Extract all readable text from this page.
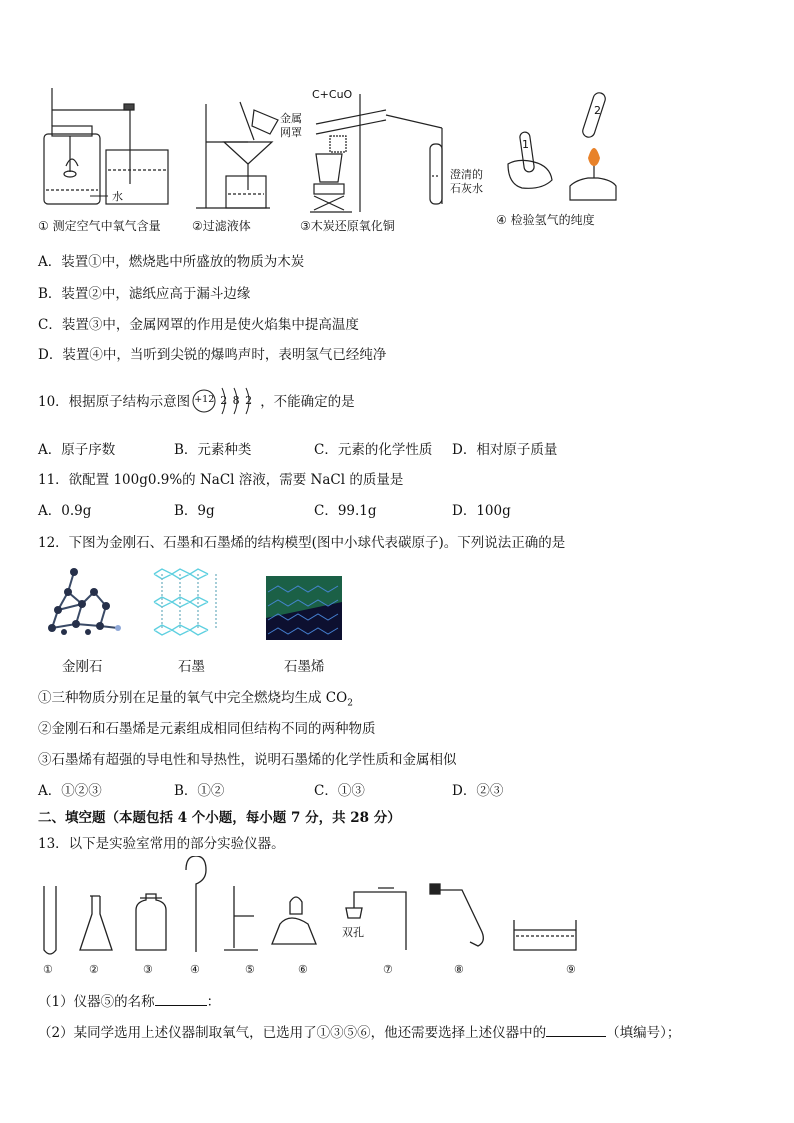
水
C+CuO
金属
网罩
澄清的
石灰水
1
2
① 测定空气中氧气含量	②过滤液体	③木炭还原氧化铜	④ 检验氢气的纯度
A．装置①中，燃烧匙中所盛放的物质为木炭
B．装置②中，滤纸应高于漏斗边缘
C．装置③中，金属网罩的作用是使火焰集中提高温度
D．装置④中，当听到尖锐的爆鸣声时，表明氢气已经纯净
10．根据原子结构示意图 +12 2 8 2 ，不能确定的是
A．原子序数	B．元素种类	C．元素的化学性质 D．相对原子质量
11．欲配置 100g0.9%的 NaCl 溶液，需要 NaCl 的质量是
A．0.9g	B．9g	C．99.1g	D．100g
12．下图为金刚石、石墨和石墨烯的结构模型(图中小球代表碳原子)。下列说法正确的是
金刚石	石墨	石墨烯
①三种物质分别在足量的氧气中完全燃烧均生成 $CO_2$
②金刚石和石墨烯是元素组成相同但结构不同的两种物质
③石墨烯有超强的导电性和导热性，说明石墨烯的化学性质和金属相似
A．①②③	B．①②	C．①③	D．②③
二、填空题（本题包括 4 个小题，每小题 7 分，共 28 分）
13．以下是实验室常用的部分实验仪器。
双孔
①	②	③	④	⑤	⑥	⑦	⑧	⑨
（1）仪器⑤的名称	：
（2）某同学选用上述仪器制取氧气，已选用了①③⑤⑥，他还需要选择上述仪器中的	（填编号）；
